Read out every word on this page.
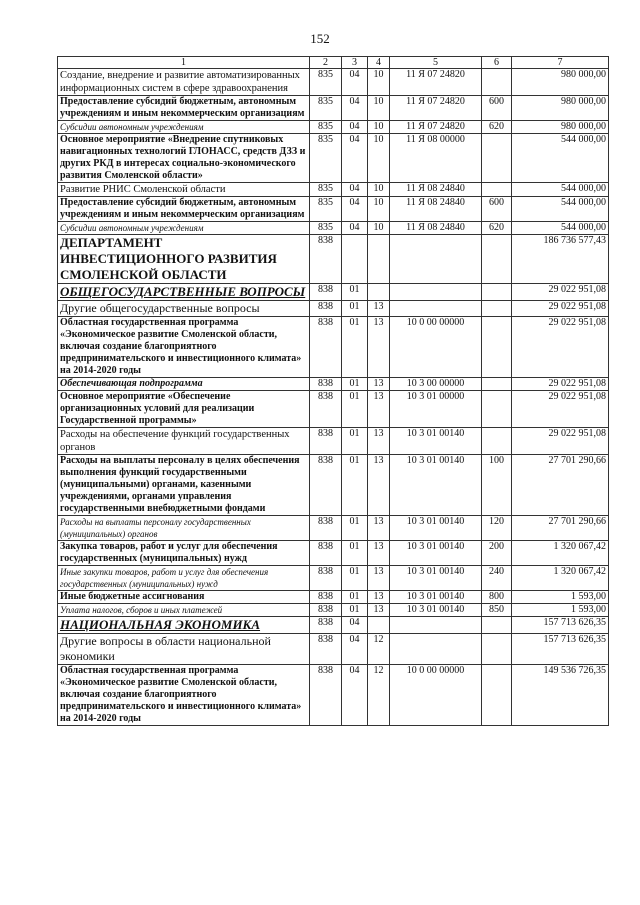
152
1	2	3	4	5	6	7
Создание, внедрение и развитие автоматизированных информационных систем в сфере здравоохранения	835	04	10	11 Я 07 24820		980 000,00
Предоставление субсидий бюджетным, автономным учреждениям и иным некоммерческим организациям	835	04	10	11 Я 07 24820	600	980 000,00
Субсидии автономным учреждениям	835	04	10	11 Я 07 24820	620	980 000,00
Основное мероприятие «Внедрение спутниковых навигационных технологий ГЛОНАСС, средств ДЗЗ и других РКД в интересах социально-экономического развития Смоленской области»	835	04	10	11 Я 08 00000		544 000,00
Развитие РНИС Смоленской области	835	04	10	11 Я 08 24840		544 000,00
Предоставление субсидий бюджетным, автономным учреждениям и иным некоммерческим организациям	835	04	10	11 Я 08 24840	600	544 000,00
Субсидии автономным учреждениям	835	04	10	11 Я 08 24840	620	544 000,00
ДЕПАРТАМЕНТ ИНВЕСТИЦИОННОГО РАЗВИТИЯ СМОЛЕНСКОЙ ОБЛАСТИ	838					186 736 577,43
ОБЩЕГОСУДАРСТВЕННЫЕ ВОПРОСЫ	838	01				29 022 951,08
Другие общегосударственные вопросы	838	01	13			29 022 951,08
Областная государственная программа «Экономическое развитие Смоленской области, включая создание благоприятного предпринимательского и инвестиционного климата» на 2014-2020 годы	838	01	13	10 0 00 00000		29 022 951,08
Обеспечивающая подпрограмма	838	01	13	10 3 00 00000		29 022 951,08
Основное мероприятие «Обеспечение организационных условий для реализации Государственной программы»	838	01	13	10 3 01 00000		29 022 951,08
Расходы на обеспечение функций государственных органов	838	01	13	10 3 01 00140		29 022 951,08
Расходы на выплаты персоналу в целях обеспечения выполнения функций государственными (муниципальными) органами, казенными учреждениями, органами управления государственными внебюджетными фондами	838	01	13	10 3 01 00140	100	27 701 290,66
Расходы на выплаты персоналу государственных (муниципальных) органов	838	01	13	10 3 01 00140	120	27 701 290,66
Закупка товаров, работ и услуг для обеспечения государственных (муниципальных) нужд	838	01	13	10 3 01 00140	200	1 320 067,42
Иные закупки товаров, работ и услуг для обеспечения государственных (муниципальных) нужд	838	01	13	10 3 01 00140	240	1 320 067,42
Иные бюджетные ассигнования	838	01	13	10 3 01 00140	800	1 593,00
Уплата налогов, сборов и иных платежей	838	01	13	10 3 01 00140	850	1 593,00
НАЦИОНАЛЬНАЯ ЭКОНОМИКА	838	04				157 713 626,35
Другие вопросы в области национальной экономики	838	04	12			157 713 626,35
Областная государственная программа «Экономическое развитие Смоленской области, включая создание благоприятного предпринимательского и инвестиционного климата» на 2014-2020 годы	838	04	12	10 0 00 00000		149 536 726,35
